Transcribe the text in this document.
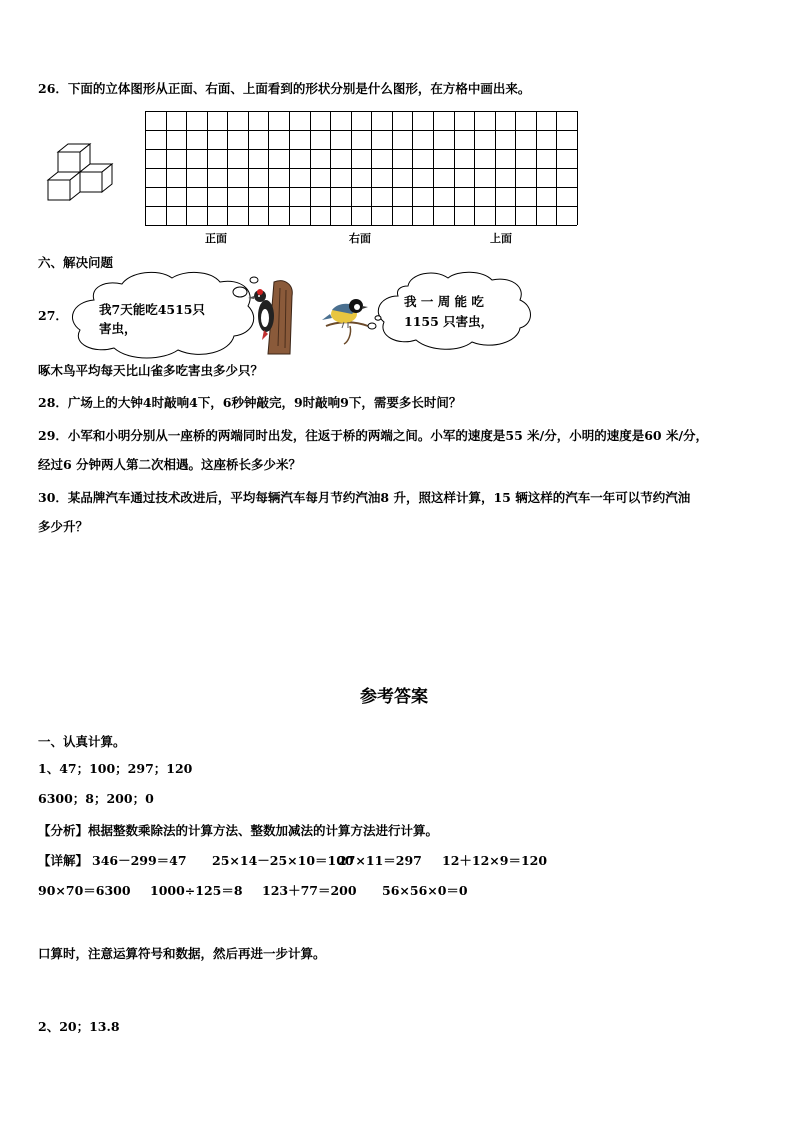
26．下面的立体图形从正面、右面、上面看到的形状分别是什么图形，在方格中画出来。
正面	右面	上面
六、解决问题
27． 我7天能吃4515只
害虫，
我 一 周 能 吃
1155 只害虫，
啄木鸟平均每天比山雀多吃害虫多少只？
28．广场上的大钟4时敲响4下，6秒钟敲完，9时敲响9下，需要多长时间？
29．小军和小明分别从一座桥的两端同时出发，往返于桥的两端之间。小军的速度是55 米/分，小明的速度是60 米/分，
经过6 分钟两人第二次相遇。这座桥长多少米？
30．某品牌汽车通过技术改进后，平均每辆汽车每月节约汽油8 升，照这样计算，15 辆这样的汽车一年可以节约汽油
多少升？
参考答案
一、认真计算。
1、47；100；297；120
6300；8；200；0
【分析】根据整数乘除法的计算方法、整数加减法的计算方法进行计算。
【详解】 346－299＝47 25×14－25×10＝100
27×11＝297 12＋12×9＝120
90×70＝6300 1000÷125＝8 123＋77＝200 56×56×0＝0
口算时，注意运算符号和数据，然后再进一步计算。
2、20；13.8
